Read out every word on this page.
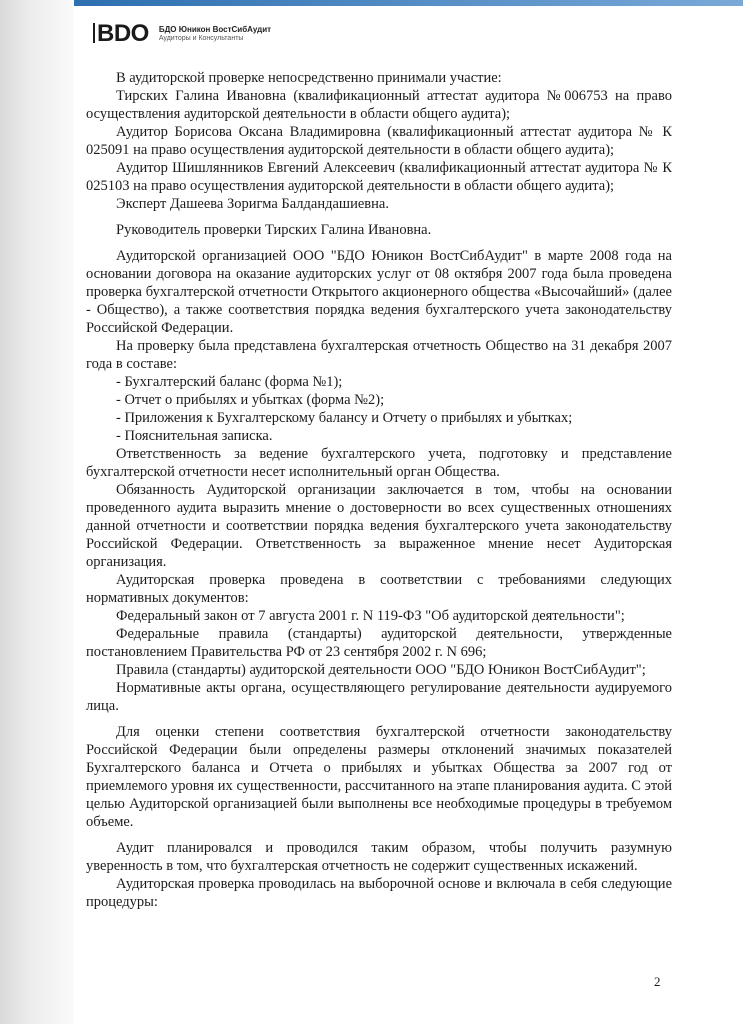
BDO БДО Юникон ВостСибАудит
Аудиторы и Консультанты

В аудиторской проверке непосредственно принимали участие:

Тирских Галина Ивановна (квалификационный аттестат аудитора №006753 на право осуществления аудиторской деятельности в области общего аудита);

Аудитор Борисова Оксана Владимировна (квалификационный аттестат аудитора № К 025091 на право осуществления аудиторской деятельности в области общего аудита);

Аудитор Шишлянников Евгений Алексеевич (квалификационный аттестат аудитора № К 025103 на право осуществления аудиторской деятельности в области общего аудита);

Эксперт Дашеева Зоригма Балдандашиевна.

Руководитель проверки Тирских Галина Ивановна.

Аудиторской организацией ООО "БДО Юникон ВостСибАудит" в марте 2008 года на основании договора на оказание аудиторских услуг от 08 октября 2007 года была проведена проверка бухгалтерской отчетности Открытого акционерного общества «Высочайший» (далее - Общество), а также соответствия порядка ведения бухгалтерского учета законодательству Российской Федерации.

На проверку была представлена бухгалтерская отчетность Общество на 31 декабря 2007 года в составе:

- Бухгалтерский баланс (форма №1);

- Отчет о прибылях и убытках (форма №2);

- Приложения к Бухгалтерскому балансу и Отчету о прибылях и убытках;

- Пояснительная записка.

Ответственность за ведение бухгалтерского учета, подготовку и представление бухгалтерской отчетности несет исполнительный орган Общества.

Обязанность Аудиторской организации заключается в том, чтобы на основании проведенного аудита выразить мнение о достоверности во всех существенных отношениях данной отчетности и соответствии порядка ведения бухгалтерского учета законодательству Российской Федерации. Ответственность за выраженное мнение несет Аудиторская организация.

Аудиторская проверка проведена в соответствии с требованиями следующих нормативных документов:

Федеральный закон от 7 августа 2001 г. N 119-ФЗ "Об аудиторской деятельности";

Федеральные правила (стандарты) аудиторской деятельности, утвержденные постановлением Правительства РФ от 23 сентября 2002 г. N 696;

Правила (стандарты) аудиторской деятельности ООО "БДО Юникон ВостСибАудит";

Нормативные акты органа, осуществляющего регулирование деятельности аудируемого лица.

Для оценки степени соответствия бухгалтерской отчетности законодательству Российской Федерации были определены размеры отклонений значимых показателей Бухгалтерского баланса и Отчета о прибылях и убытках Общества за 2007 год от приемлемого уровня их существенности, рассчитанного на этапе планирования аудита. С этой целью Аудиторской организацией были выполнены все необходимые процедуры в требуемом объеме.

Аудит планировался и проводился таким образом, чтобы получить разумную уверенность в том, что бухгалтерская отчетность не содержит существенных искажений.

Аудиторская проверка проводилась на выборочной основе и включала в себя следующие процедуры:

2
